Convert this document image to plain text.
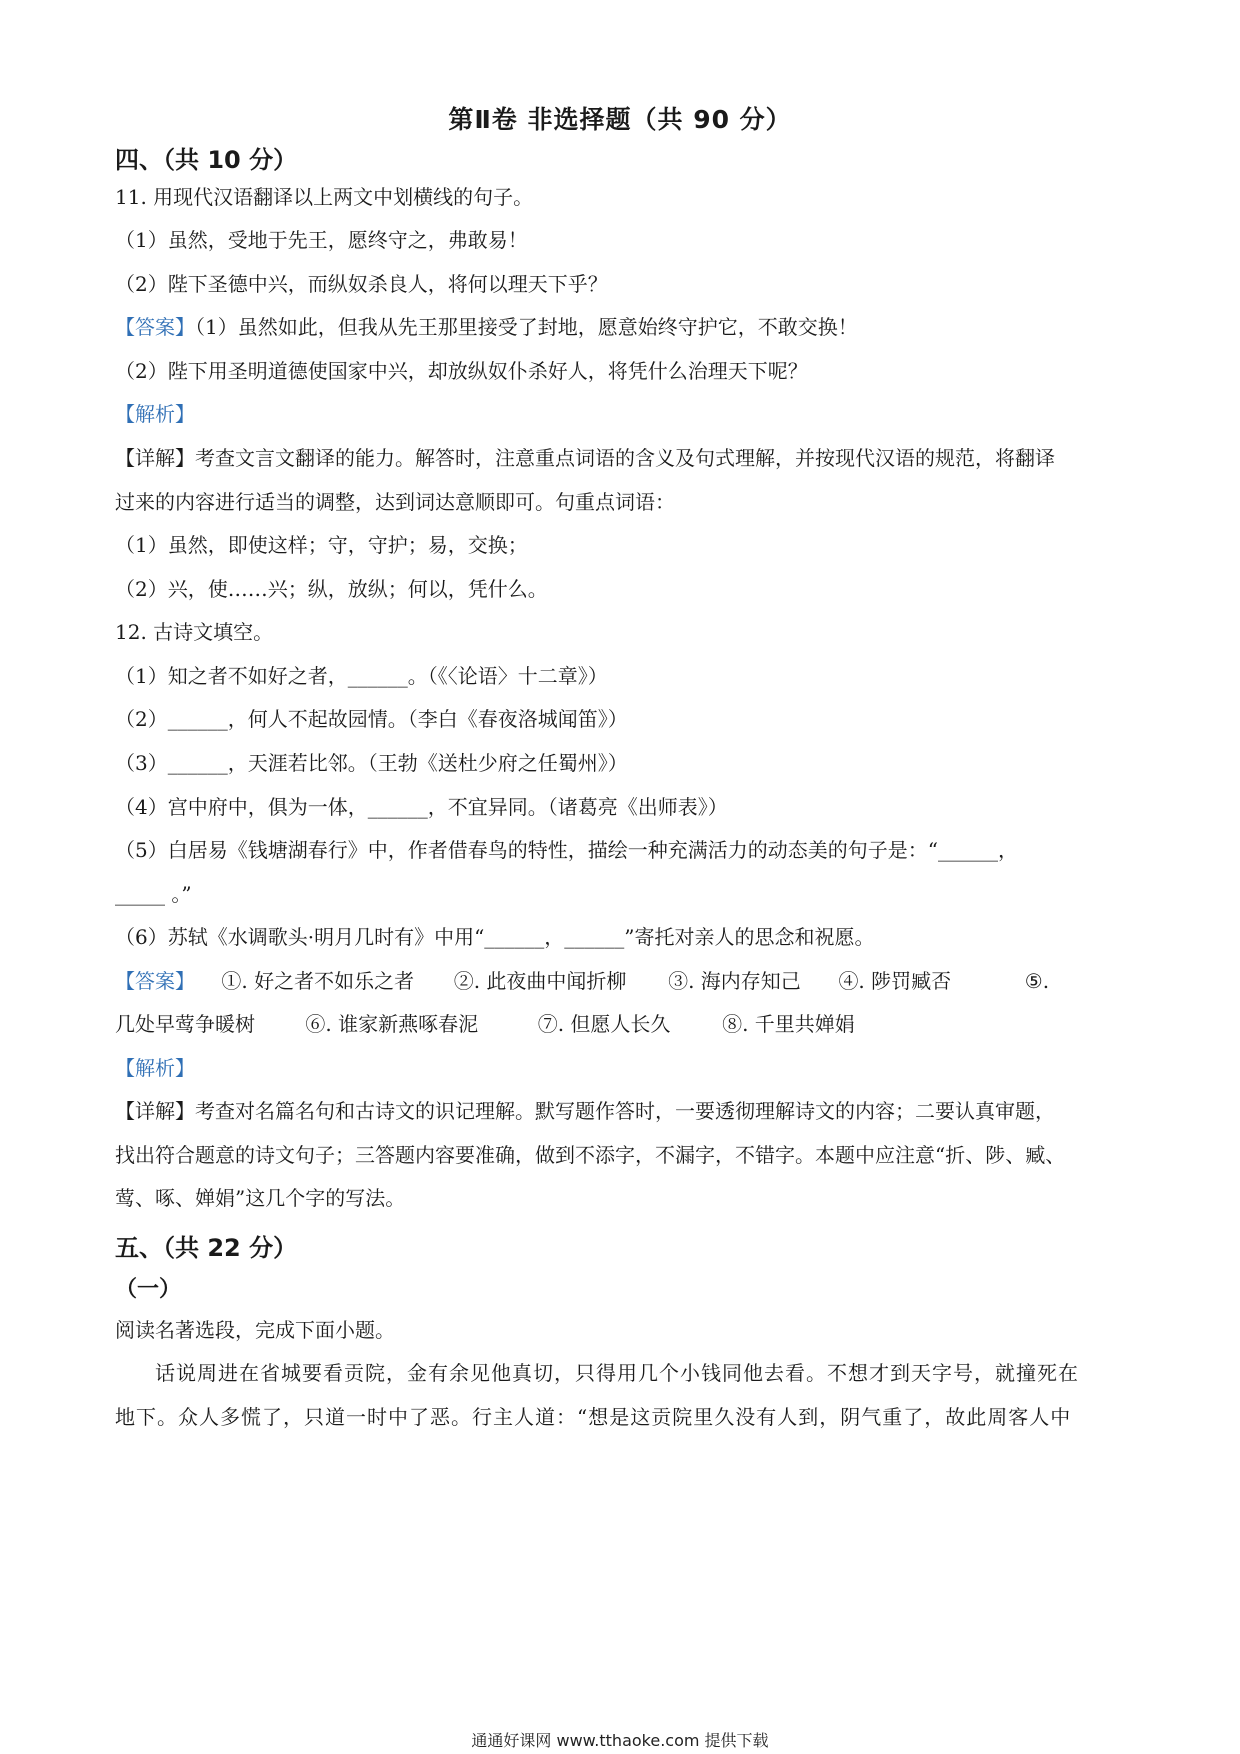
第Ⅱ卷 非选择题（共 90 分）
四、（共 10 分）
11. 用现代汉语翻译以上两文中划横线的句子。
（1）虽然，受地于先王，愿终守之，弗敢易！
（2）陛下圣德中兴，而纵奴杀良人，将何以理天下乎？
【答案】（1）虽然如此，但我从先王那里接受了封地，愿意始终守护它，不敢交换！
（2）陛下用圣明道德使国家中兴，却放纵奴仆杀好人，将凭什么治理天下呢？
【解析】
【详解】考查文言文翻译的能力。解答时，注意重点词语的含义及句式理解，并按现代汉语的规范，将翻译
过来的内容进行适当的调整，达到词达意顺即可。句重点词语：
（1）虽然，即使这样；守，守护；易，交换；
（2）兴，使……兴；纵，放纵；何以，凭什么。
12. 古诗文填空。
（1）知之者不如好之者，______。（《〈论语〉十二章》）
（2）______，何人不起故园情。（李白《春夜洛城闻笛》）
（3）______，天涯若比邻。（王勃《送杜少府之任蜀州》）
（4）宫中府中，俱为一体，______，不宜异同。（诸葛亮《出师表》）
（5）白居易《钱塘湖春行》中，作者借春鸟的特性，描绘一种充满活力的动态美的句子是：“______，
_____ 。”
（6）苏轼《水调歌头·明月几时有》中用“______，______”寄托对亲人的思念和祝愿。
【答案】 ①. 好之者不如乐之者 ②. 此夜曲中闻折柳 ③. 海内存知己 ④. 陟罚臧否	⑤.
几处早莺争暖树	⑥. 谁家新燕啄春泥	⑦. 但愿人长久	⑧. 千里共婵娟
【解析】
【详解】考查对名篇名句和古诗文的识记理解。默写题作答时，一要透彻理解诗文的内容；二要认真审题，
找出符合题意的诗文句子；三答题内容要准确，做到不添字，不漏字，不错字。本题中应注意“折、陟、臧、
莺、啄、婵娟”这几个字的写法。
五、（共 22 分）
（一）
阅读名著选段，完成下面小题。
话说周进在省城要看贡院，金有余见他真切，只得用几个小钱同他去看。不想才到天字号，就撞死在
地下。众人多慌了，只道一时中了恶。行主人道：“想是这贡院里久没有人到，阴气重了，故此周客人中
通通好课网 www.tthaoke.com 提供下载
